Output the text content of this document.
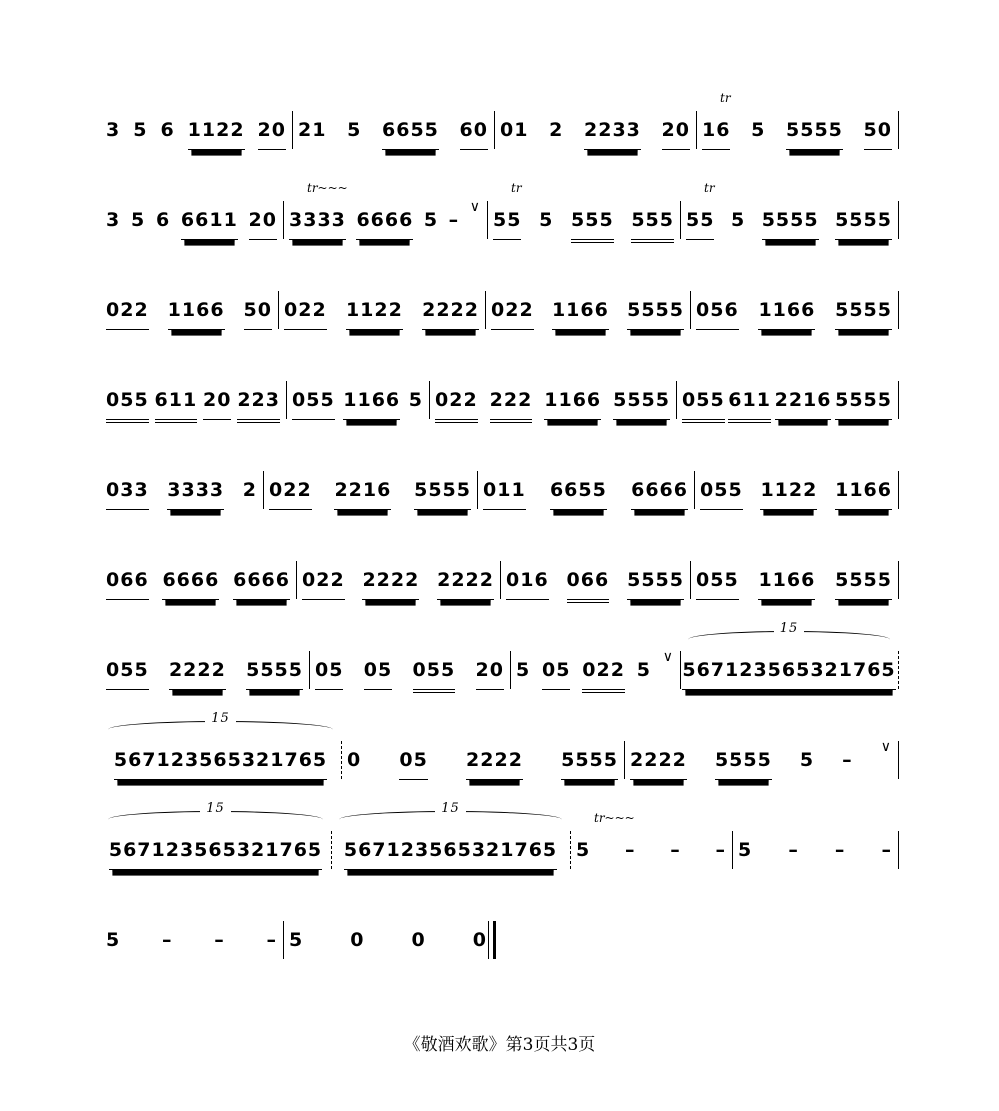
3 5 6 1122 20 21 5 6655 60 01 2 2233 20 16 5 5555 50
tr
3 5 6 6611 20 3333 6666 5 –
∨
tr~~~
55 5 555 555
tr
55 5 5555 5555
tr
022 1166 50 022 1122 2222 022 1166 5555 056 1166 5555
055 611 20 223 055 1166 5 022 222 1166 5555 055 611 2216 5555
033 3333 2 022 2216 5555 011 6655 6666 055 1122 1166
066 6666 6666 022 2222 2222 016 066 5555 055 1166 5555
055 2222 5555 05 05 055 20 5 05 022 5
∨
567123565321765
15
567123565321765
15
0 05 2222 5555 2222 5555 5 –
∨
567123565321765
15
567123565321765
15
5 – – –
tr~~~
5 – – –
5 – – – 5 0 0 0
《敬酒欢歌》第3页共3页
